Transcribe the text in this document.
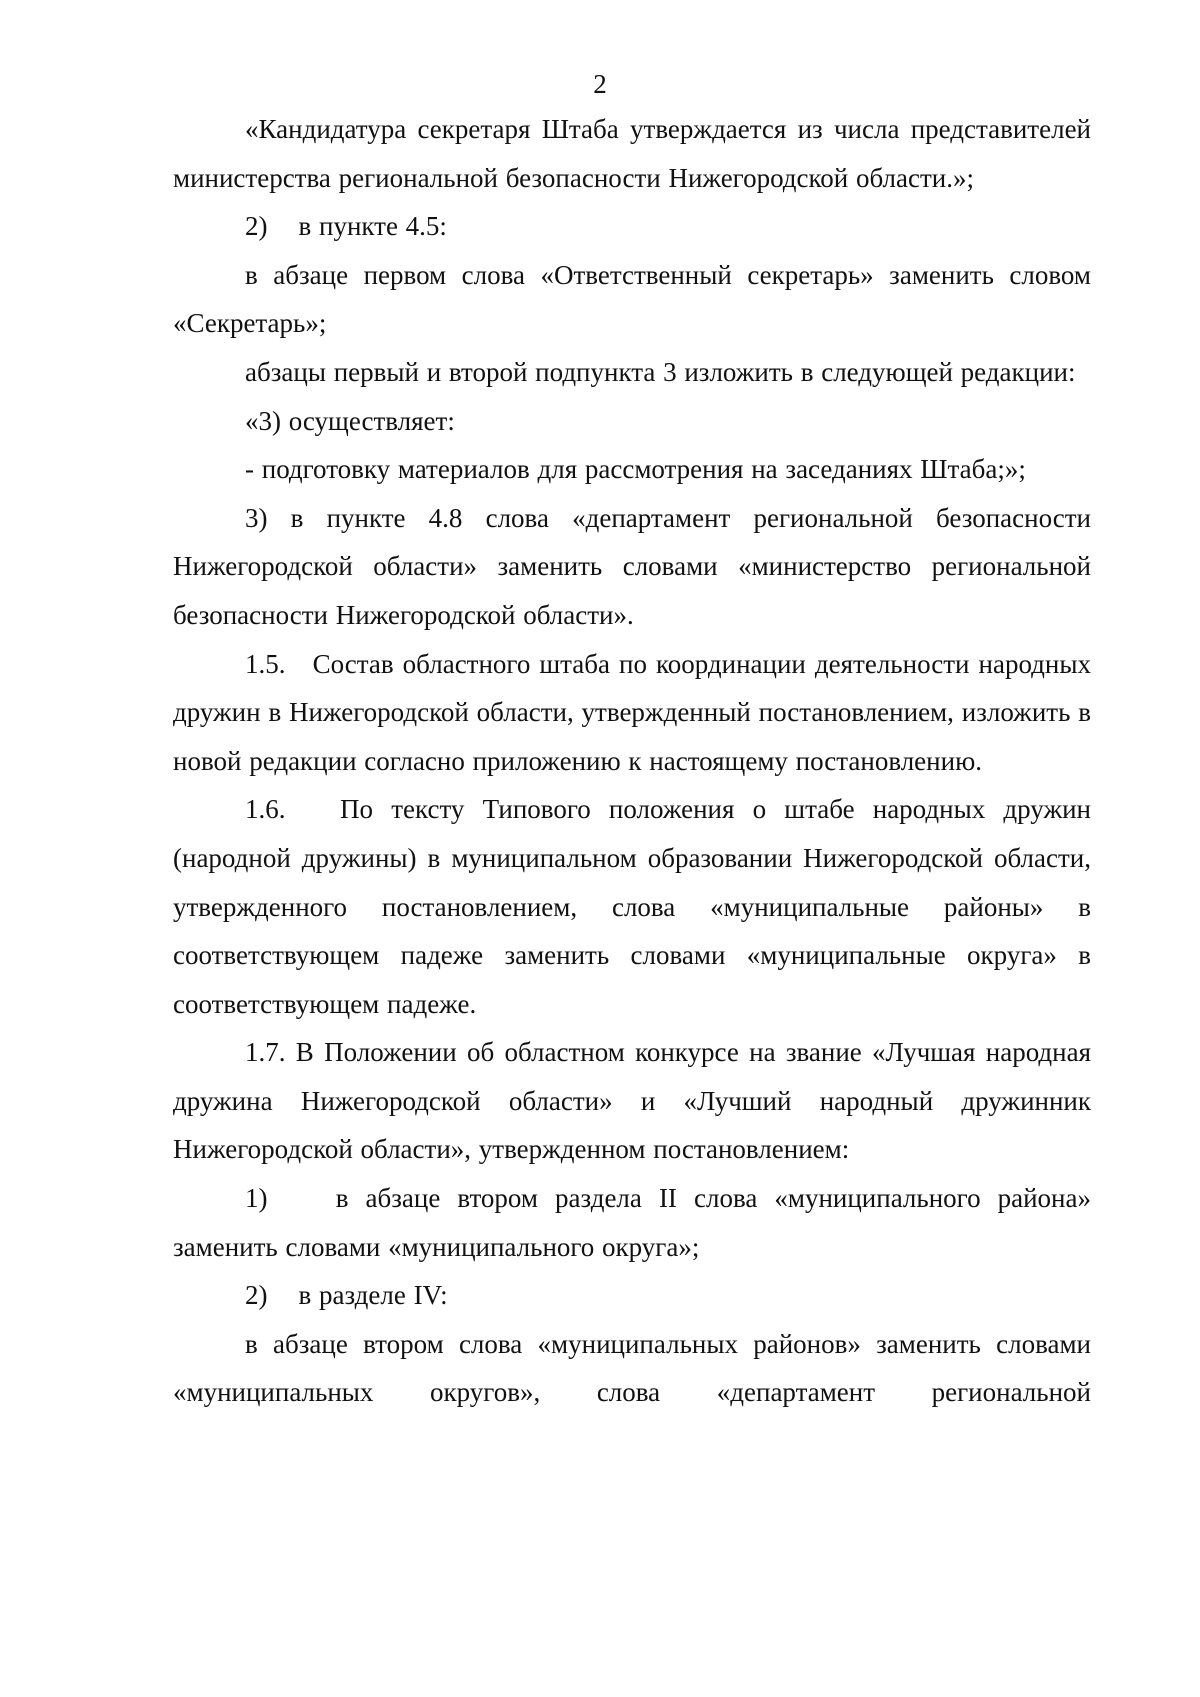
2

«Кандидатура секретаря Штаба утверждается из числа представителей министерства региональной безопасности Нижегородской области.»;

2)    в пункте 4.5:

в абзаце первом слова «Ответственный секретарь» заменить словом «Секретарь»;

абзацы первый и второй подпункта 3 изложить в следующей редакции:

«3) осуществляет:

- подготовку материалов для рассмотрения на заседаниях Штаба;»;

3) в пункте 4.8 слова «департамент региональной безопасности Нижегородской области» заменить словами «министерство региональной безопасности Нижегородской области».

1.5.   Состав областного штаба по координации деятельности народных дружин в Нижегородской области, утвержденный постановлением, изложить в новой редакции согласно приложению к настоящему постановлению.

1.6.   По тексту Типового положения о штабе народных дружин (народной дружины) в муниципальном образовании Нижегородской области, утвержденного постановлением, слова «муниципальные районы» в соответствующем падеже заменить словами «муниципальные округа» в соответствующем падеже.

1.7. В Положении об областном конкурсе на звание «Лучшая народная дружина Нижегородской области» и «Лучший народный дружинник Нижегородской области», утвержденном постановлением:

1)    в абзаце втором раздела II слова «муниципального района» заменить словами «муниципального округа»;

2)    в разделе IV:

в абзаце втором слова «муниципальных районов» заменить словами «муниципальных округов», слова «департамент региональной
